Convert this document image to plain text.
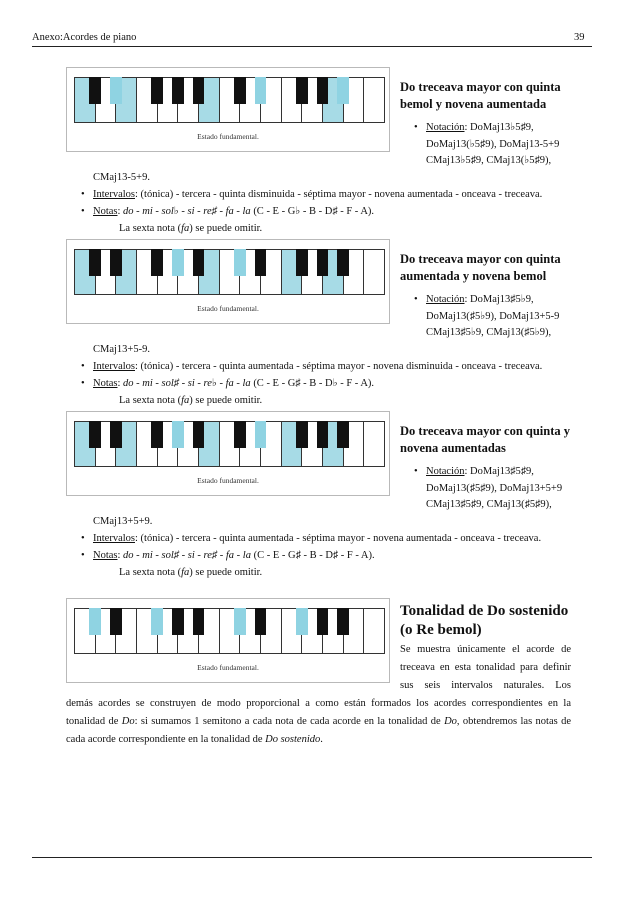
Anexo:Acordes de piano	39
Estado fundamental.
Do treceava mayor con quinta bemol y novena aumentada
• Notación: DoMaj13♭5♯9,
DoMaj13(♭5♯9), DoMaj13-5+9
CMaj13♭5♯9, CMaj13(♭5♯9),
CMaj13-5+9.
• Intervalos: (tónica) - tercera - quinta disminuida - séptima mayor - novena aumentada - onceava - treceava.
• Notas: do - mi - sol♭ - si - re♯ - fa - la (C - E - G♭ - B - D♯ - F - A).
La sexta nota (fa) se puede omitir.
Estado fundamental.
Do treceava mayor con quinta aumentada y novena bemol
• Notación: DoMaj13♯5♭9,
DoMaj13(♯5♭9), DoMaj13+5-9
CMaj13♯5♭9, CMaj13(♯5♭9),
CMaj13+5-9.
• Intervalos: (tónica) - tercera - quinta aumentada - séptima mayor - novena disminuida - onceava - treceava.
• Notas: do - mi - sol♯ - si - re♭ - fa - la (C - E - G♯ - B - D♭ - F - A).
La sexta nota (fa) se puede omitir.
Estado fundamental.
Do treceava mayor con quinta y novena aumentadas
• Notación: DoMaj13♯5♯9,
DoMaj13(♯5♯9), DoMaj13+5+9
CMaj13♯5♯9, CMaj13(♯5♯9),
CMaj13+5+9.
• Intervalos: (tónica) - tercera - quinta aumentada - séptima mayor - novena aumentada - onceava - treceava.
• Notas: do - mi - sol♯ - si - re♯ - fa - la (C - E - G♯ - B - D♯ - F - A).
La sexta nota (fa) se puede omitir.
Estado fundamental.
Tonalidad de Do sostenido (o Re bemol)
Se muestra únicamente el acorde de
treceava en esta tonalidad para definir
sus seis intervalos naturales. Los
demás acordes se construyen de modo proporcional a como están formados los acordes correspondientes en la
tonalidad de Do: si sumamos 1 semitono a cada nota de cada acorde en la tonalidad de Do, obtendremos las notas de
cada acorde correspondiente en la tonalidad de Do sostenido.
